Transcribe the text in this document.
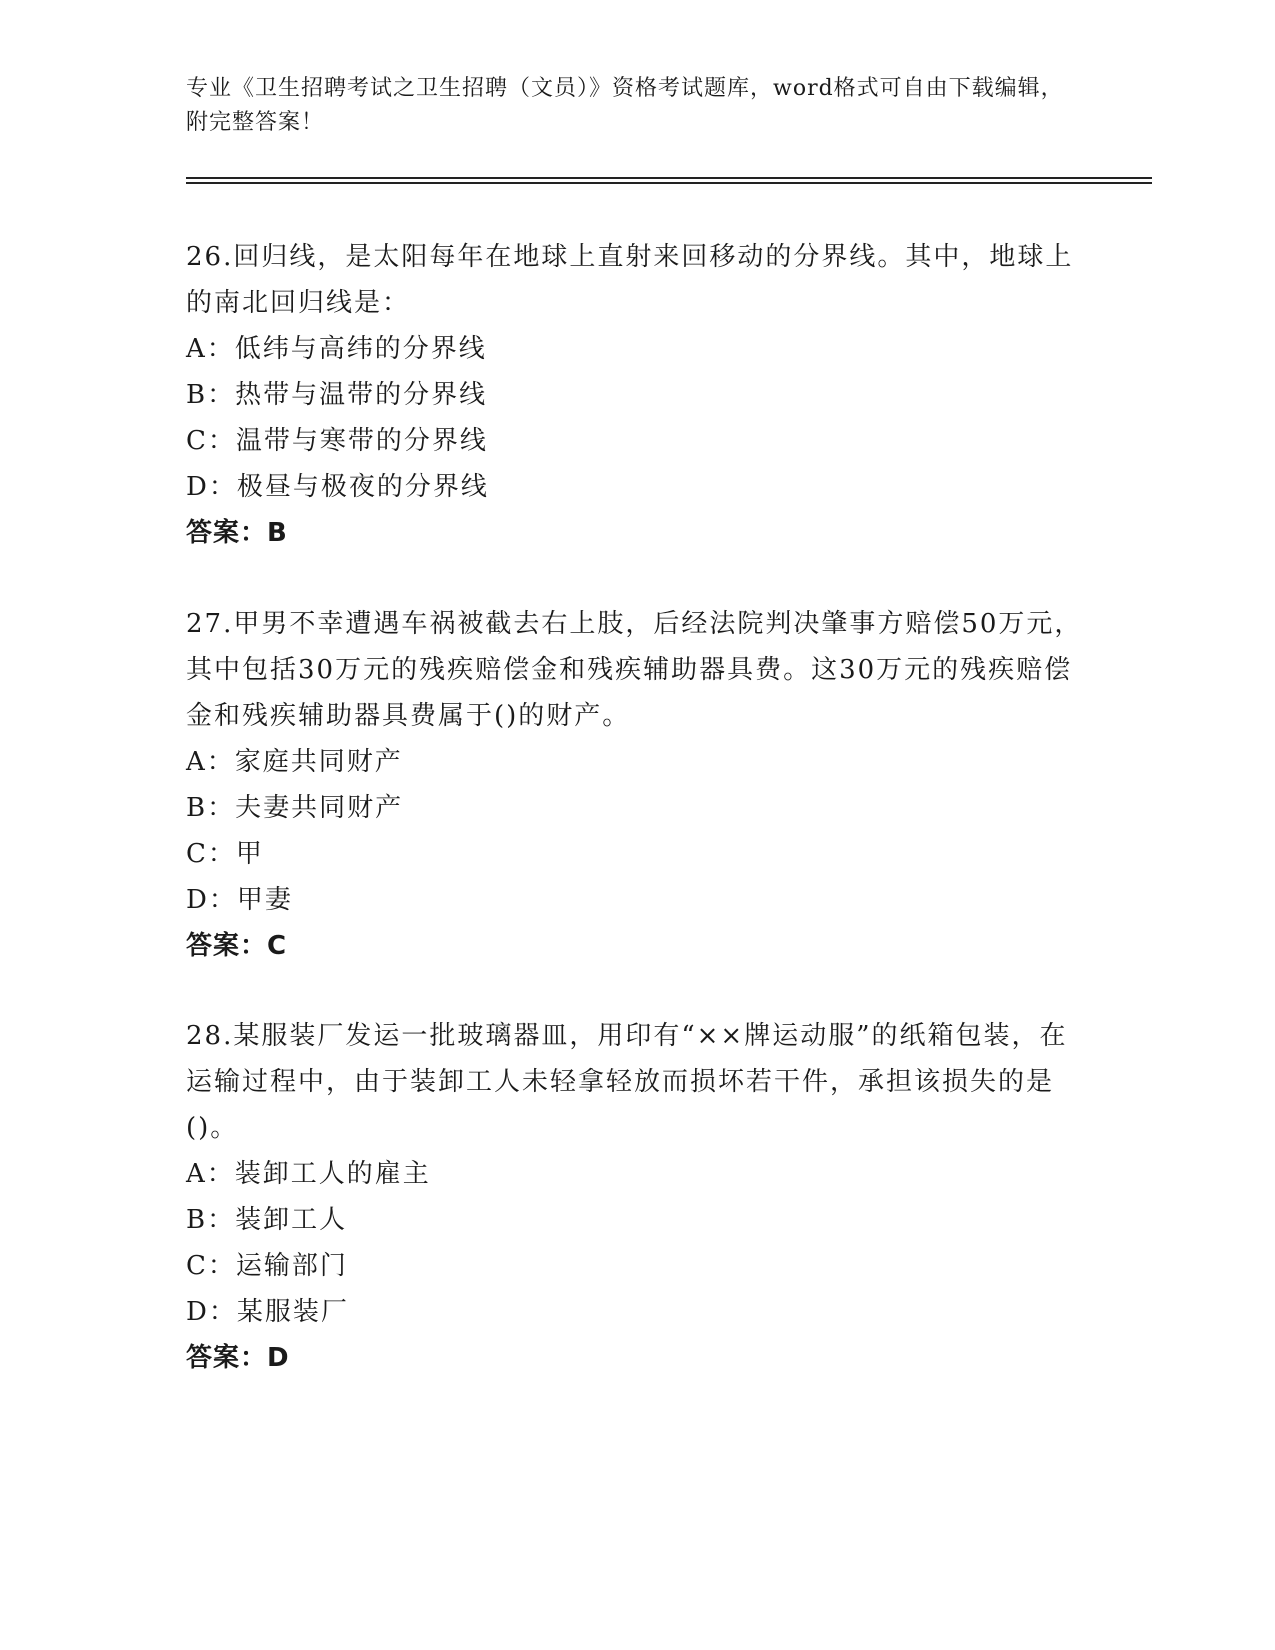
专业《卫生招聘考试之卫生招聘（文员）》资格考试题库，word格式可自由下载编辑，附完整答案！

26.回归线，是太阳每年在地球上直射来回移动的分界线。其中，地球上的南北回归线是：

A：低纬与高纬的分界线

B：热带与温带的分界线

C：温带与寒带的分界线

D：极昼与极夜的分界线

答案：B

27.甲男不幸遭遇车祸被截去右上肢，后经法院判决肇事方赔偿50万元，其中包括30万元的残疾赔偿金和残疾辅助器具费。这30万元的残疾赔偿金和残疾辅助器具费属于()的财产。

A：家庭共同财产

B：夫妻共同财产

C：甲

D：甲妻

答案：C

28.某服装厂发运一批玻璃器皿，用印有“××牌运动服”的纸箱包装，在运输过程中，由于装卸工人未轻拿轻放而损坏若干件，承担该损失的是()。

A：装卸工人的雇主

B：装卸工人

C：运输部门

D：某服装厂

答案：D
